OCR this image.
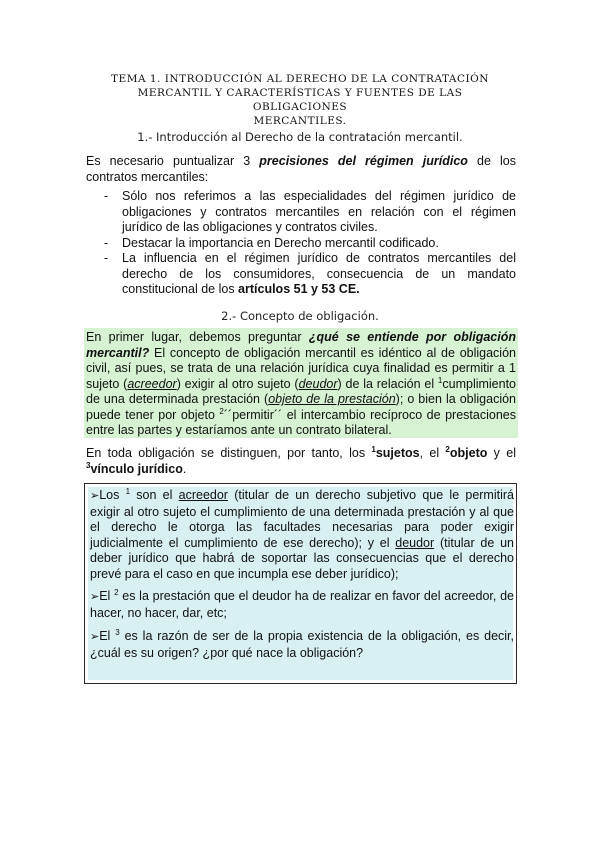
TEMA 1. INTRODUCCIÓN AL DERECHO DE LA CONTRATACIÓN
MERCANTIL Y CARACTERÍSTICAS Y FUENTES DE LAS OBLIGACIONES
MERCANTILES.
1.- Introducción al Derecho de la contratación mercantil.
Es necesario puntualizar 3 precisiones del régimen jurídico de los contratos mercantiles:
- Sólo nos referimos a las especialidades del régimen jurídico de obligaciones y contratos mercantiles en relación con el régimen jurídico de las obligaciones y contratos civiles.
- Destacar la importancia en Derecho mercantil codificado.
- La influencia en el régimen jurídico de contratos mercantiles del derecho de los consumidores, consecuencia de un mandato constitucional de los artículos 51 y 53 CE.
2.- Concepto de obligación.
En primer lugar, debemos preguntar ¿qué se entiende por obligación mercantil? El concepto de obligación mercantil es idéntico al de obligación civil, así pues, se trata de una relación jurídica cuya finalidad es permitir a 1 sujeto (acreedor) exigir al otro sujeto (deudor) de la relación el $^1$cumplimiento de una determinada prestación (objeto de la prestación); o bien la obligación puede tener por objeto $^2$´´permitir´´ el intercambio recíproco de prestaciones entre las partes y estaríamos ante un contrato bilateral.
En toda obligación se distinguen, por tanto, los $^1$sujetos, el $^2$objeto y el $^3$vínculo jurídico.
➢Los $^1$ son el acreedor (titular de un derecho subjetivo que le permitirá exigir al otro sujeto el cumplimiento de una determinada prestación y al que el derecho le otorga las facultades necesarias para poder exigir judicialmente el cumplimiento de ese derecho); y el deudor (titular de un deber jurídico que habrá de soportar las consecuencias que el derecho prevé para el caso en que incumpla ese deber jurídico);
➢El $^2$ es la prestación que el deudor ha de realizar en favor del acreedor, de hacer, no hacer, dar, etc;
➢El $^3$ es la razón de ser de la propia existencia de la obligación, es decir, ¿cuál es su origen? ¿por qué nace la obligación?
